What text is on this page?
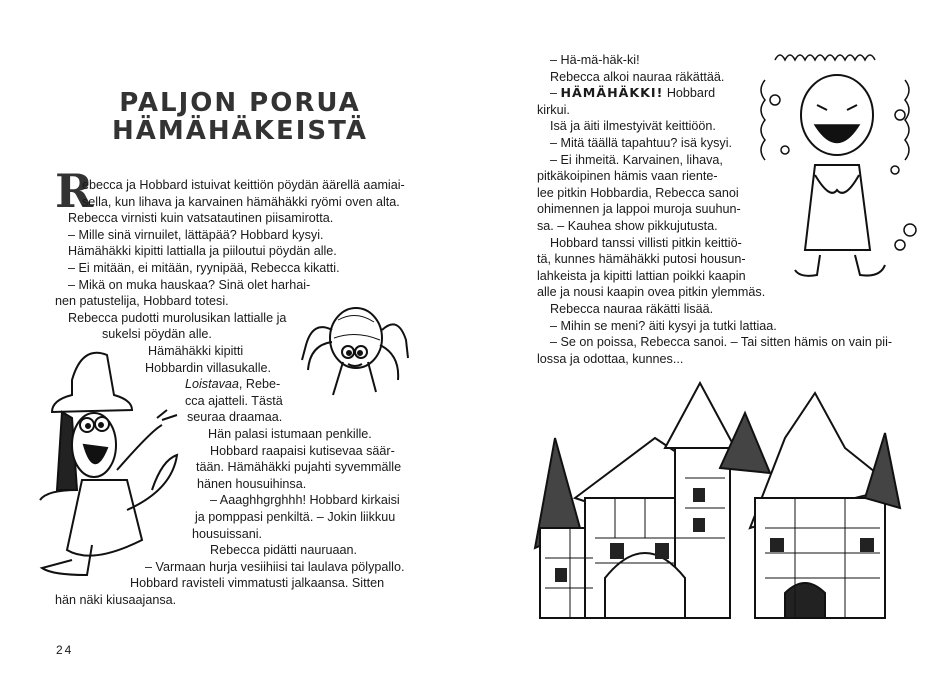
PALJON PORUA
HÄMÄHÄKEISTÄ
R
ebecca ja Hobbard istuivat keittiön pöydän äärellä aamiai-
sella, kun lihava ja karvainen hämähäkki ryömi oven alta.
Rebecca virnisti kuin vatsatautinen piisamirotta.
– Mille sinä virnuilet, lättäpää? Hobbard kysyi.
Hämähäkki kipitti lattialla ja piiloutui pöydän alle.
– Ei mitään, ei mitään, ryynipää, Rebecca kikatti.
– Mikä on muka hauskaa? Sinä olet harhai-
nen patustelija, Hobbard totesi.
Rebecca pudotti murolusikan lattialle ja
sukelsi pöydän alle.
Hämähäkki kipitti
Hobbardin villasukalle.
Loistavaa, Rebe-
cca ajatteli. Tästä
seuraa draamaa.
Hän palasi istumaan penkille.
Hobbard raapaisi kutisevaa säär-
tään. Hämähäkki pujahti syvemmälle
hänen housuihinsa.
– Aaaghhgrghhh! Hobbard kirkaisi
ja pomppasi penkiltä. – Jokin liikkuu
housuissani.
Rebecca pidätti nauruaan.
– Varmaan hurja vesiihiisi tai laulava pölypallo.
Hobbard ravisteli vimmatusti jalkaansa. Sitten
hän näki kiusaajansa.
24
– Hä-mä-häk-ki!
Rebecca alkoi nauraa räkättää.
– HÄMÄHÄKKI! Hobbard
kirkui.
Isä ja äiti ilmestyivät keittiöön.
– Mitä täällä tapahtuu? isä kysyi.
– Ei ihmeitä. Karvainen, lihava,
pitkäkoipinen hämis vaan riente-
lee pitkin Hobbardia, Rebecca sanoi
ohimennen ja lappoi muroja suuhun-
sa. – Kauhea show pikkujutusta.
Hobbard tanssi villisti pitkin keittiö-
tä, kunnes hämähäkki putosi housun-
lahkeista ja kipitti lattian poikki kaapin
alle ja nousi kaapin ovea pitkin ylemmäs.
Rebecca nauraa räkätti lisää.
– Mihin se meni? äiti kysyi ja tutki lattiaa.
– Se on poissa, Rebecca sanoi. – Tai sitten hämis on vain pii-
lossa ja odottaa, kunnes...
